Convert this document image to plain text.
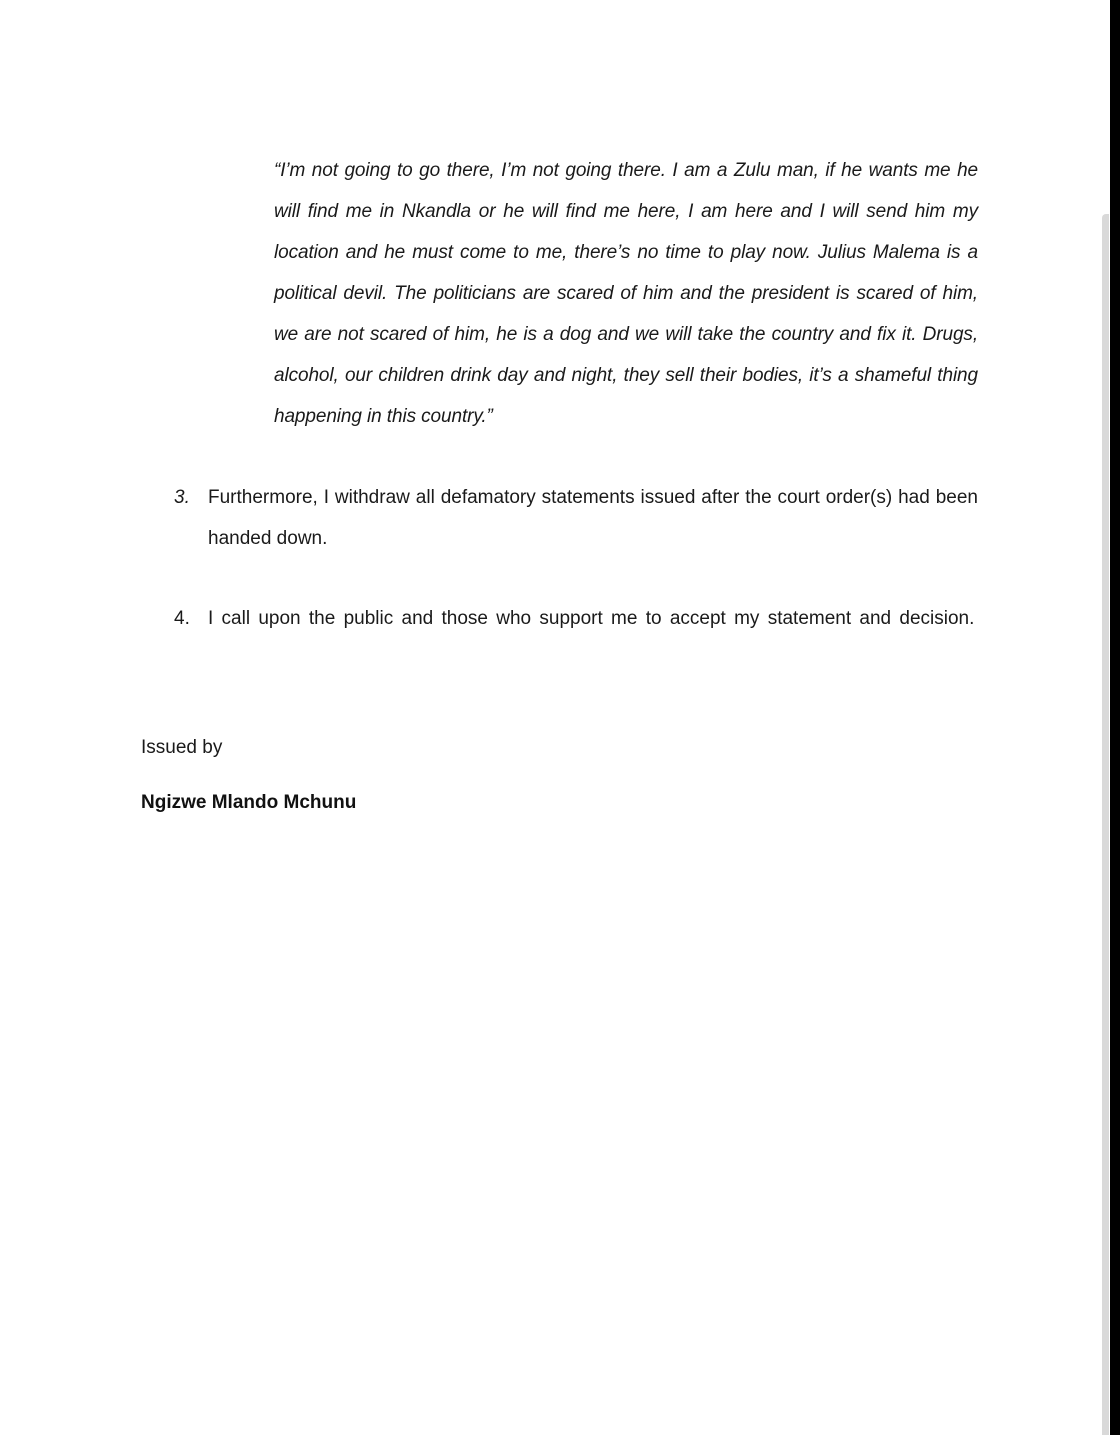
“I’m not going to go there, I’m not going there. I am a Zulu man, if he wants me he will find me in Nkandla or he will find me here, I am here and I will send him my location and he must come to me, there’s no time to play now. Julius Malema is a political devil. The politicians are scared of him and the president is scared of him, we are not scared of him, he is a dog and we will take the country and fix it. Drugs, alcohol, our children drink day and night, they sell their bodies, it’s a shameful thing happening in this country.”

3. Furthermore, I withdraw all defamatory statements issued after the court order(s) had been handed down.
4. I call upon the public and those who support me to accept my statement and decision.
Issued by
Ngizwe Mlando Mchunu
